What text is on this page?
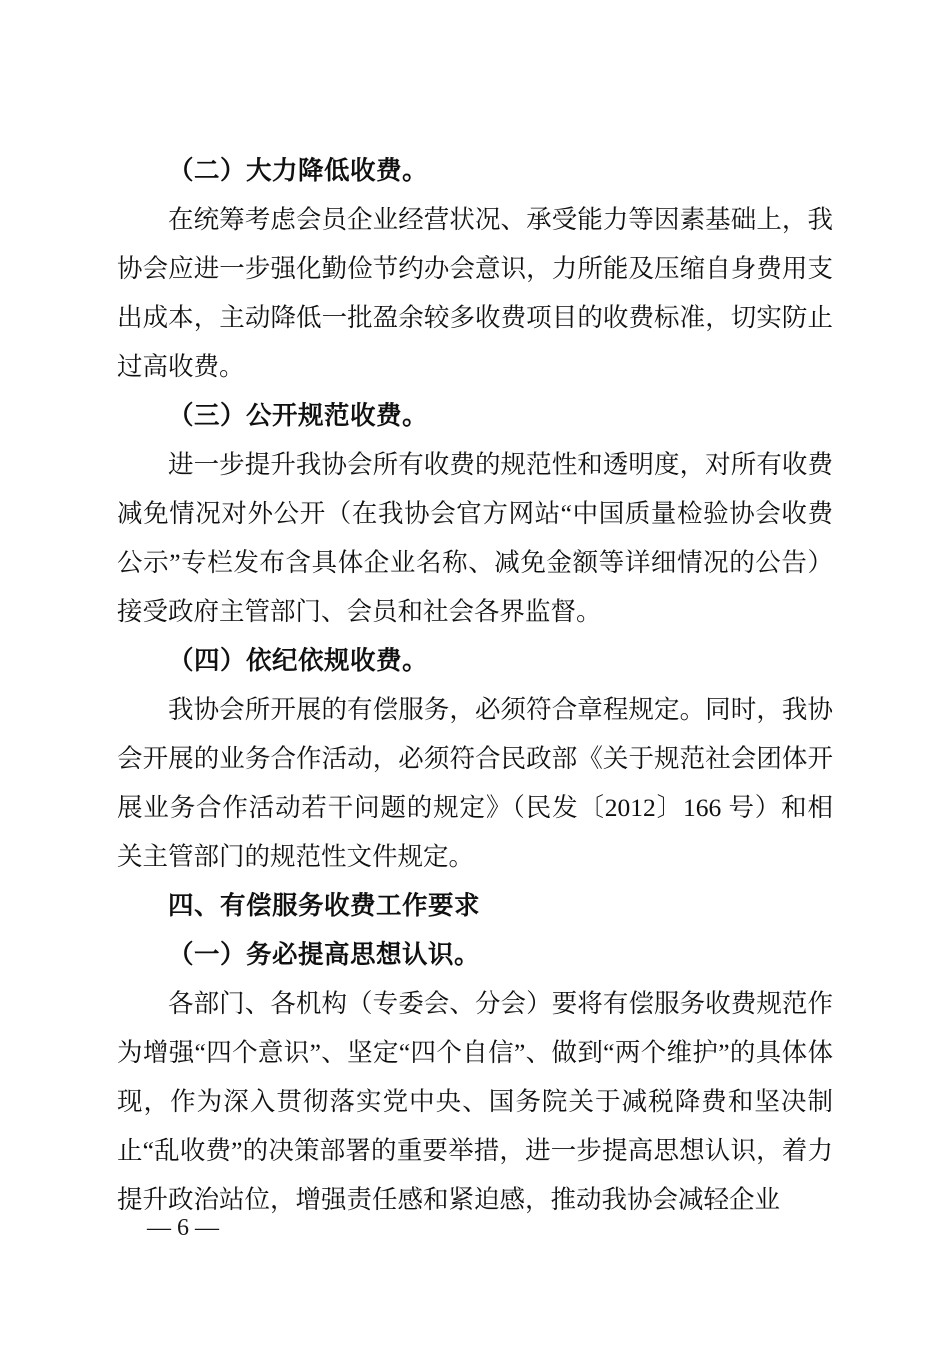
（二）大力降低收费。

在统筹考虑会员企业经营状况、承受能力等因素基础上，我协会应进一步强化勤俭节约办会意识，力所能及压缩自身费用支出成本，主动降低一批盈余较多收费项目的收费标准，切实防止过高收费。

（三）公开规范收费。

进一步提升我协会所有收费的规范性和透明度，对所有收费减免情况对外公开（在我协会官方网站“中国质量检验协会收费公示”专栏发布含具体企业名称、减免金额等详细情况的公告）接受政府主管部门、会员和社会各界监督。

（四）依纪依规收费。

我协会所开展的有偿服务，必须符合章程规定。同时，我协会开展的业务合作活动，必须符合民政部《关于规范社会团体开展业务合作活动若干问题的规定》（民发〔2012〕166 号）和相关主管部门的规范性文件规定。

四、有偿服务收费工作要求
（一）务必提高思想认识。

各部门、各机构（专委会、分会）要将有偿服务收费规范作为增强“四个意识”、坚定“四个自信”、做到“两个维护”的具体体现，作为深入贯彻落实党中央、国务院关于减税降费和坚决制止“乱收费”的决策部署的重要举措，进一步提高思想认识，着力提升政治站位，增强责任感和紧迫感，推动我协会减轻企业

— 6 —
